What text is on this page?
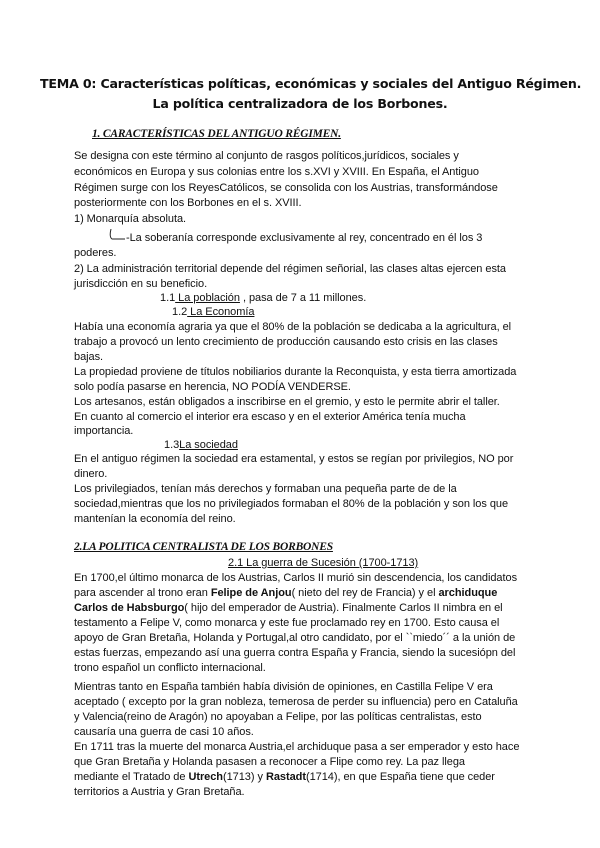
TEMA 0: Características políticas, económicas y sociales del Antiguo Régimen.
La política centralizadora de los Borbones.
1. CARACTERÍSTICAS DEL ANTIGUO RÉGIMEN.
Se designa con este término al conjunto de rasgos políticos,jurídicos, sociales y
económicos en Europa y sus colonias entre los s.XVI y XVIII. En España, el Antiguo
Régimen surge con los ReyesCatólicos, se consolida con los Austrias, transformándose
posteriormente con los Borbones en el s. XVIII.
1) Monarquía absoluta.
-La soberanía corresponde exclusivamente al rey, concentrado en él los 3
poderes.
2) La administración territorial depende del régimen señorial, las clases altas ejercen esta
jurisdicción en su beneficio.
1.1 La población , pasa de 7 a 11 millones.
1.2 La Economía
Había una economía agraria ya que el 80% de la población se dedicaba a la agricultura, el
trabajo a provocó un lento crecimiento de producción causando esto crisis en las clases
bajas.
La propiedad proviene de títulos nobiliarios durante la Reconquista, y esta tierra amortizada
solo podía pasarse en herencia, NO PODÍA VENDERSE.
Los artesanos, están obligados a inscribirse en el gremio, y esto le permite abrir el taller.
En cuanto al comercio el interior era escaso y en el exterior América tenía mucha
importancia.
1.3La sociedad
En el antiguo régimen la sociedad era estamental, y estos se regían por privilegios, NO por
dinero.
Los privilegiados, tenían más derechos y formaban una pequeña parte de de la
sociedad,mientras que los no privilegiados formaban el 80% de la población y son los que
mantenían la economía del reino.
2.LA POLITICA CENTRALISTA DE LOS BORBONES
2.1 La guerra de Sucesión (1700-1713)
En 1700,el último monarca de los Austrias, Carlos II murió sin descendencia, los candidatos
para ascender al trono eran Felipe de Anjou( nieto del rey de Francia) y el archiduque
Carlos de Habsburgo( hijo del emperador de Austria). Finalmente Carlos II nimbra en el
testamento a Felipe V, como monarca y este fue proclamado rey en 1700. Esto causa el
apoyo de Gran Bretaña, Holanda y Portugal,al otro candidato, por el ``miedo´´ a la unión de
estas fuerzas, empezando así una guerra contra España y Francia, siendo la sucesiópn del
trono español un conflicto internacional.
Mientras tanto en España también había división de opiniones, en Castilla Felipe V era
aceptado ( excepto por la gran nobleza, temerosa de perder su influencia) pero en Cataluña
y Valencia(reino de Aragón) no apoyaban a Felipe, por las políticas centralistas, esto
causaría una guerra de casi 10 años.
En 1711 tras la muerte del monarca Austria,el archiduque pasa a ser emperador y esto hace
que Gran Bretaña y Holanda pasasen a reconocer a Flipe como rey. La paz llega
mediante el Tratado de Utrech(1713) y Rastadt(1714), en que España tiene que ceder
territorios a Austria y Gran Bretaña.
